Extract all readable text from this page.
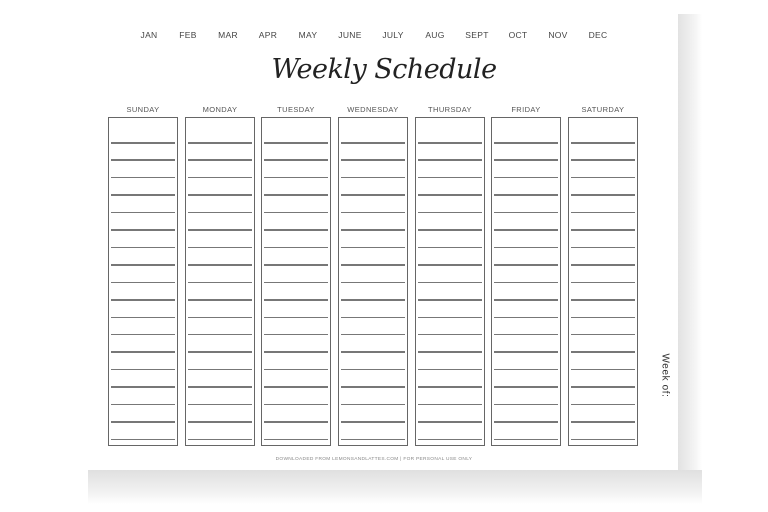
JAN	FEB	MAR APR	MAY JUNE JULY	AUG SEPT OCT NOV DEC
Weekly Schedule
SUNDAY	MONDAY	TUESDAY	WEDNESDAY	THURSDAY	FRIDAY	SATURDAY
Week of:
DOWNLOADED FROM LEMONSANDLATTES.COM | FOR PERSONAL USE ONLY
